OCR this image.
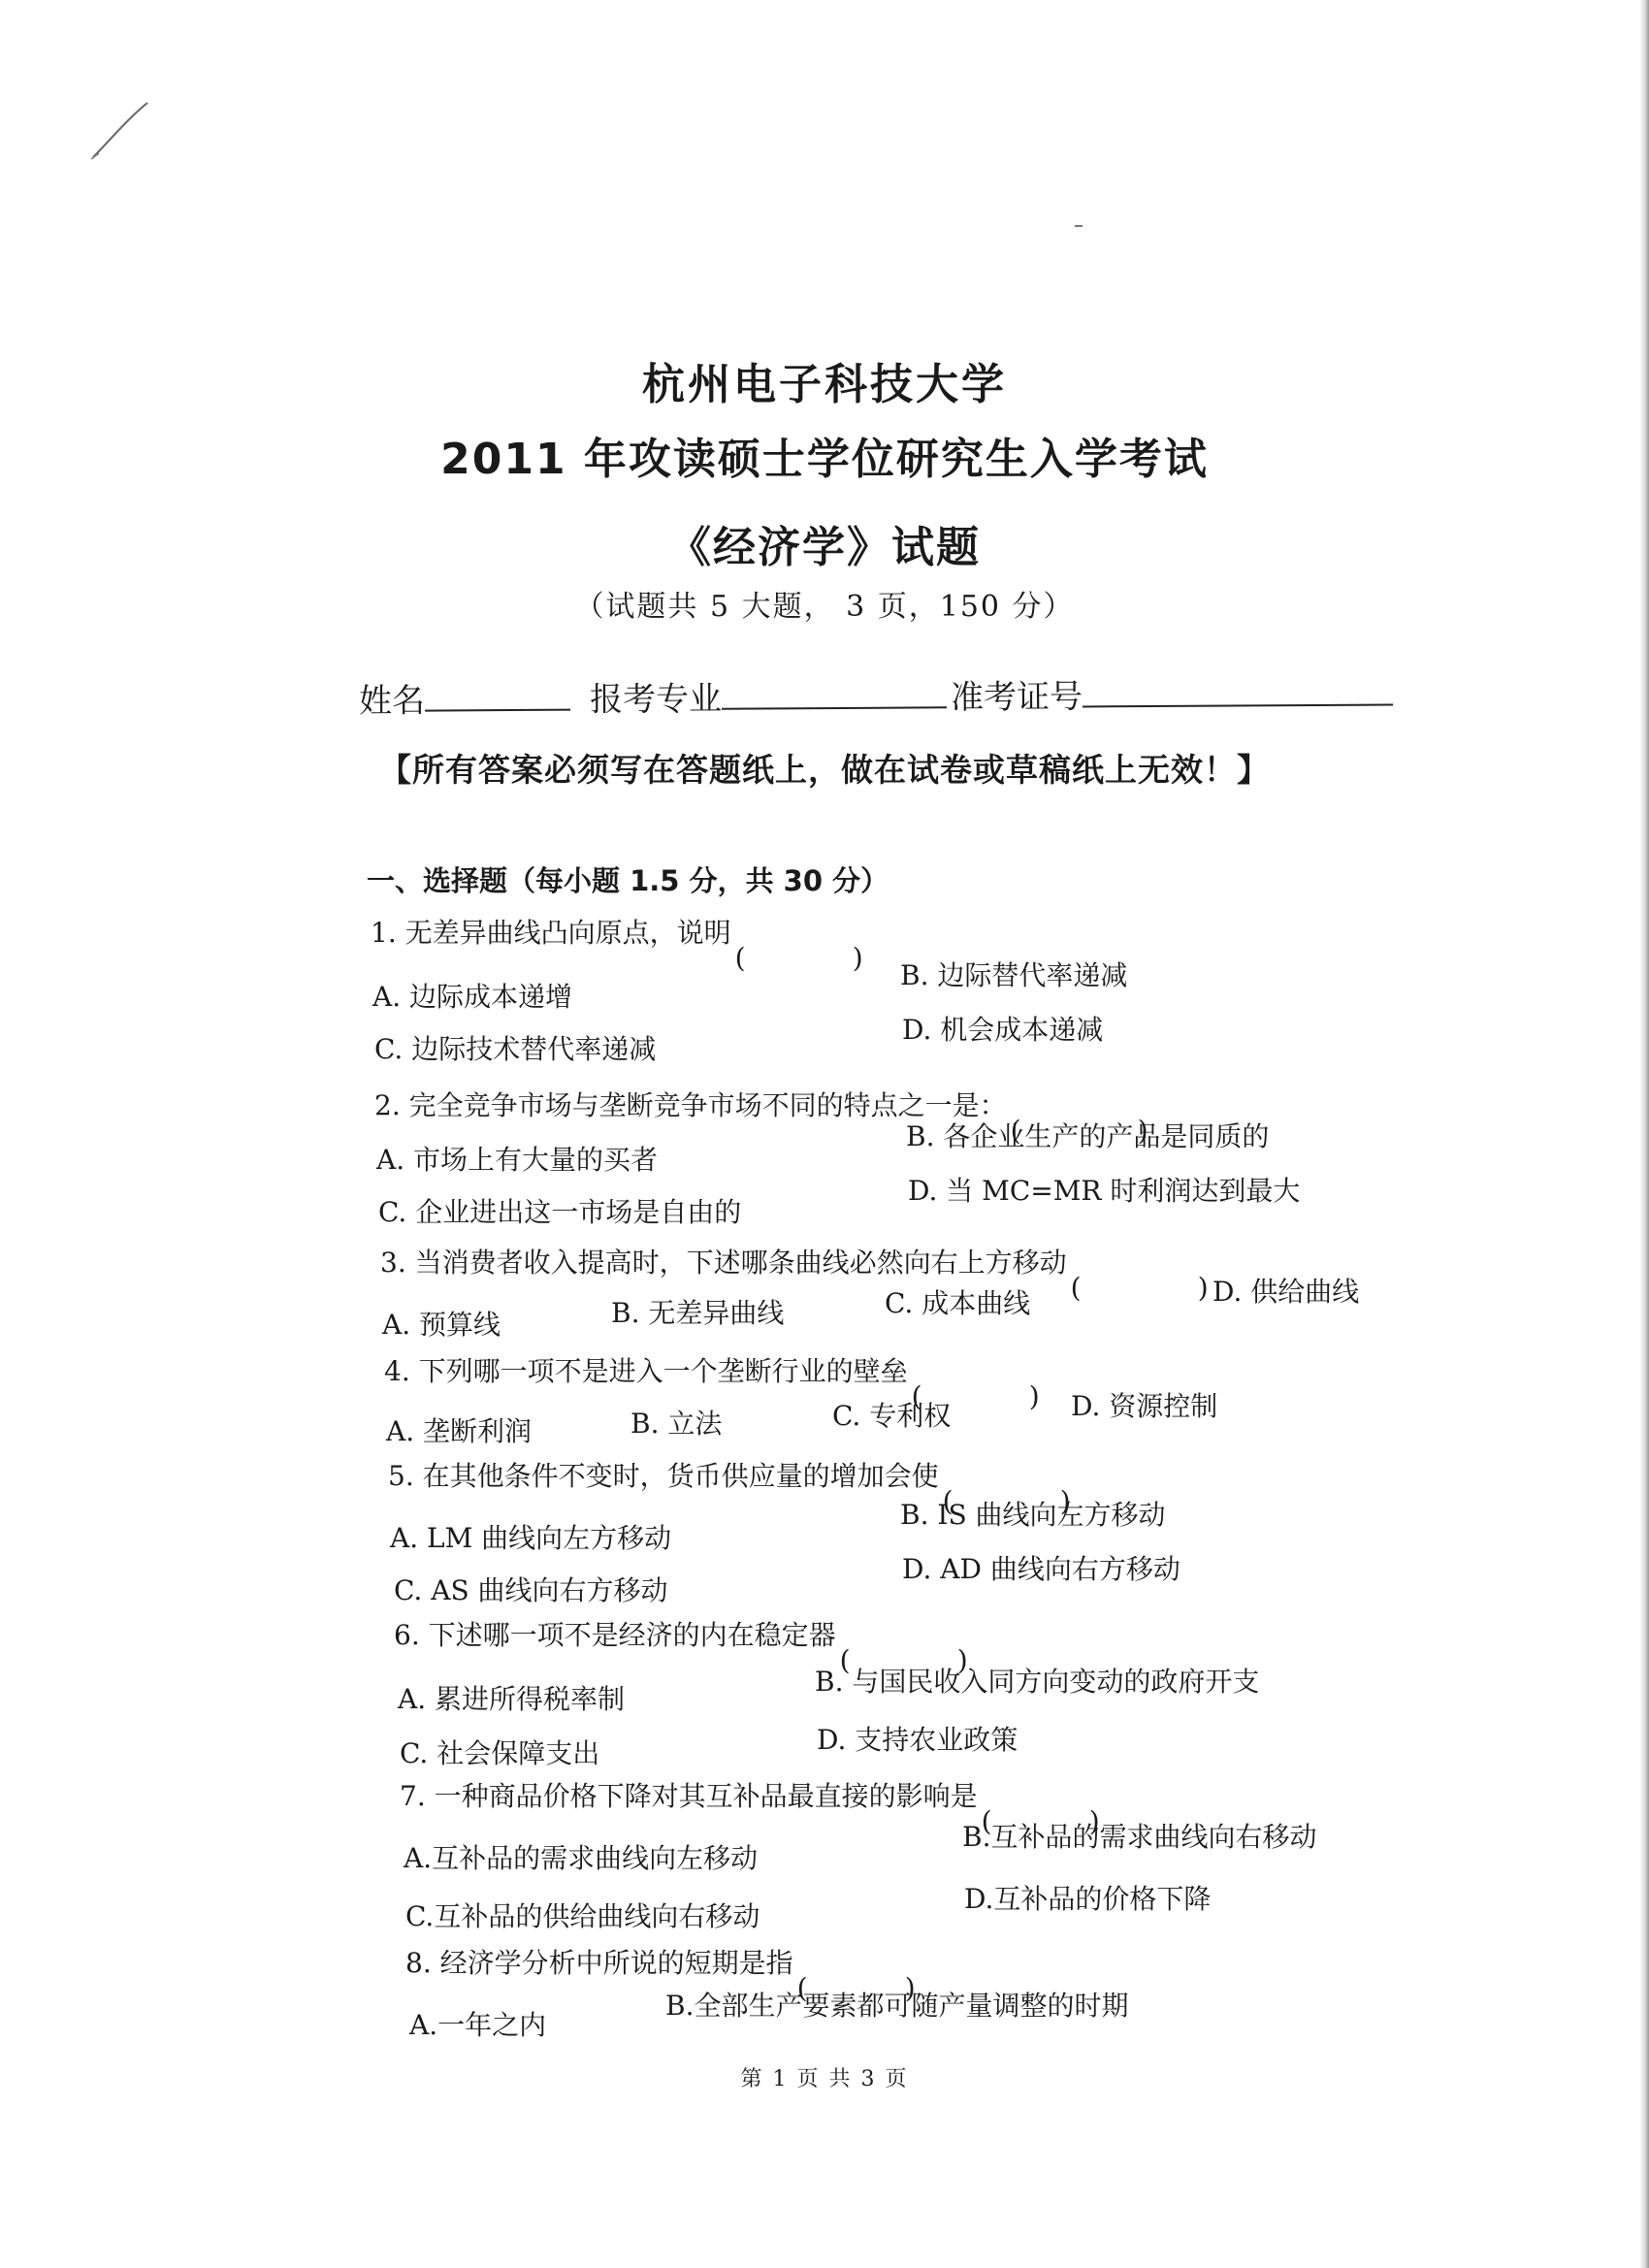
杭州电子科技大学
2011 年攻读硕士学位研究生入学考试
《经济学》试题
（试题共 5 大题， 3 页，150 分）
姓名	报考专业	准考证号
【所有答案必须写在答题纸上，做在试卷或草稿纸上无效！】
一、选择题（每小题 1.5 分，共 30 分）
1. 无差异曲线凸向原点，说明
A. 边际成本递增
B. 边际替代率递减
C. 边际技术替代率递减
D. 机会成本递减
2. 完全竞争市场与垄断竞争市场不同的特点之一是：
A. 市场上有大量的买者
B. 各企业生产的产品是同质的
C. 企业进出这一市场是自由的
D. 当 MC=MR 时利润达到最大
3. 当消费者收入提高时，下述哪条曲线必然向右上方移动
A. 预算线	B. 无差异曲线	C. 成本曲线	D. 供给曲线
4. 下列哪一项不是进入一个垄断行业的壁垒
A. 垄断利润	B. 立法	C. 专利权	D. 资源控制
5. 在其他条件不变时，货币供应量的增加会使
A. LM 曲线向左方移动
B. IS 曲线向左方移动
C. AS 曲线向右方移动
D. AD 曲线向右方移动
6. 下述哪一项不是经济的内在稳定器
A. 累进所得税率制
B. 与国民收入同方向变动的政府开支
C. 社会保障支出	D. 支持农业政策
7. 一种商品价格下降对其互补品最直接的影响是
A.互补品的需求曲线向左移动
B.互补品的需求曲线向右移动
C.互补品的供给曲线向右移动
D.互补品的价格下降
8. 经济学分析中所说的短期是指
A.一年之内
B.全部生产要素都可随产量调整的时期
第 1 页 共 3 页
